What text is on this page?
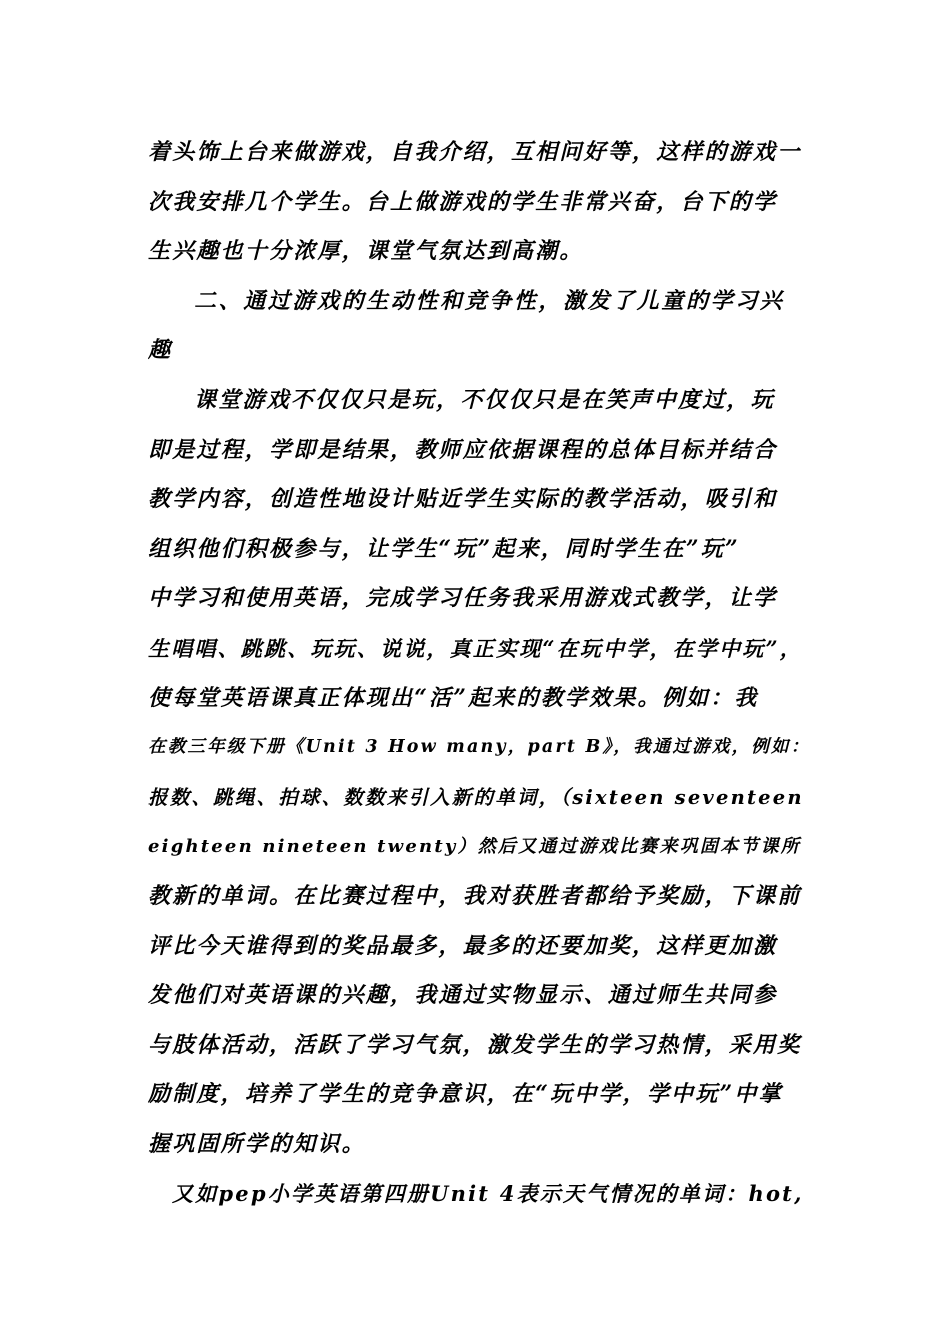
着头饰上台来做游戏，自我介绍，互相问好等，这样的游戏一
次我安排几个学生。台上做游戏的学生非常兴奋，台下的学
生兴趣也十分浓厚，课堂气氛达到高潮。
二、通过游戏的生动性和竞争性，激发了儿童的学习兴
趣
课堂游戏不仅仅只是玩，不仅仅只是在笑声中度过，玩
即是过程，学即是结果，教师应依据课程的总体目标并结合
教学内容，创造性地设计贴近学生实际的教学活动，吸引和
组织他们积极参与，让学生“玩”起来，同时学生在”玩”
中学习和使用英语，完成学习任务我采用游戏式教学，让学
生唱唱、跳跳、玩玩、说说，真正实现“在玩中学，在学中玩”，
使每堂英语课真正体现出“活”起来的教学效果。例如：我
在教三年级下册《Unit 3 How many，part B》，我通过游戏，例如：
报数、跳绳、拍球、数数来引入新的单词，（sixteen seventeen
eighteen nineteen twenty）然后又通过游戏比赛来巩固本节课所
教新的单词。在比赛过程中，我对获胜者都给予奖励，下课前
评比今天谁得到的奖品最多，最多的还要加奖，这样更加激
发他们对英语课的兴趣，我通过实物显示、通过师生共同参
与肢体活动，活跃了学习气氛，激发学生的学习热情，采用奖
励制度，培养了学生的竞争意识，在“玩中学，学中玩”中掌
握巩固所学的知识。
又如pep小学英语第四册Unit 4表示天气情况的单词：hot,
